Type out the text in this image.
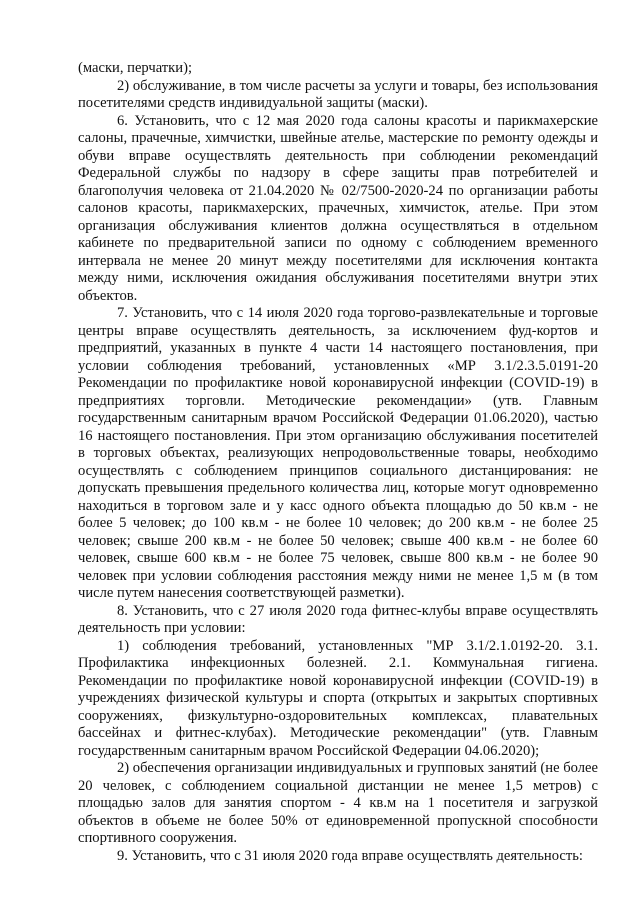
(маски, перчатки);

2) обслуживание, в том числе расчеты за услуги и товары, без использования посетителями средств индивидуальной защиты (маски).

6. Установить, что с 12 мая 2020 года салоны красоты и парикмахерские салоны, прачечные, химчистки, швейные ателье, мастерские по ремонту одежды и обуви вправе осуществлять деятельность при соблюдении рекомендаций Федеральной службы по надзору в сфере защиты прав потребителей и благополучия человека от 21.04.2020 № 02/7500-2020-24 по организации работы салонов красоты, парикмахерских, прачечных, химчисток, ателье. При этом организация обслуживания клиентов должна осуществляться в отдельном кабинете по предварительной записи по одному с соблюдением временного интервала не менее 20 минут между посетителями для исключения контакта между ними, исключения ожидания обслуживания посетителями внутри этих объектов.

7. Установить, что с 14 июля 2020 года торгово-развлекательные и торговые центры вправе осуществлять деятельность, за исключением фуд-кортов и предприятий, указанных в пункте 4 части 14 настоящего постановления, при условии соблюдения требований, установленных «МР 3.1/2.3.5.0191-20 Рекомендации по профилактике новой коронавирусной инфекции (COVID-19) в предприятиях торговли. Методические рекомендации» (утв. Главным государственным санитарным врачом Российской Федерации 01.06.2020), частью 16 настоящего постановления. При этом организацию обслуживания посетителей в торговых объектах, реализующих непродовольственные товары, необходимо осуществлять с соблюдением принципов социального дистанцирования: не допускать превышения предельного количества лиц, которые могут одновременно находиться в торговом зале и у касс одного объекта площадью до 50 кв.м - не более 5 человек; до 100 кв.м - не более 10 человек; до 200 кв.м - не более 25 человек; свыше 200 кв.м - не более 50 человек; свыше 400 кв.м - не более 60 человек, свыше 600 кв.м - не более 75 человек, свыше 800 кв.м - не более 90 человек при условии соблюдения расстояния между ними не менее 1,5 м (в том числе путем нанесения соответствующей разметки).

8. Установить, что с 27 июля 2020 года фитнес-клубы вправе осуществлять деятельность при условии:

1) соблюдения требований, установленных "МР 3.1/2.1.0192-20. 3.1. Профилактика инфекционных болезней. 2.1. Коммунальная гигиена. Рекомендации по профилактике новой коронавирусной инфекции (COVID-19) в учреждениях физической культуры и спорта (открытых и закрытых спортивных сооружениях, физкультурно-оздоровительных комплексах, плавательных бассейнах и фитнес-клубах). Методические рекомендации" (утв. Главным государственным санитарным врачом Российской Федерации 04.06.2020);

2) обеспечения организации индивидуальных и групповых занятий (не более 20 человек, с соблюдением социальной дистанции не менее 1,5 метров) с площадью залов для занятия спортом - 4 кв.м на 1 посетителя и загрузкой объектов в объеме не более 50% от единовременной пропускной способности спортивного сооружения.

9. Установить, что с 31 июля 2020 года вправе осуществлять деятельность:
